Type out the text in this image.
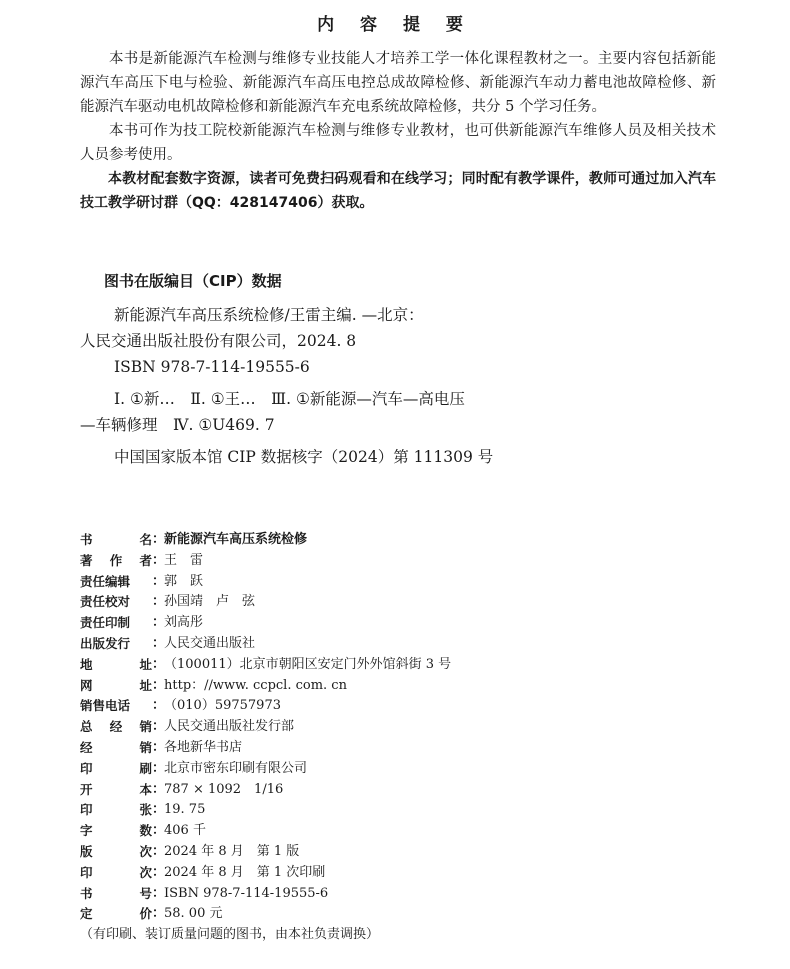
内 容 提 要

本书是新能源汽车检测与维修专业技能人才培养工学一体化课程教材之一。主要内容包括新能源汽车高压下电与检验、新能源汽车高压电控总成故障检修、新能源汽车动力蓄电池故障检修、新能源汽车驱动电机故障检修和新能源汽车充电系统故障检修，共分 5 个学习任务。

本书可作为技工院校新能源汽车检测与维修专业教材，也可供新能源汽车维修人员及相关技术人员参考使用。

本教材配套数字资源，读者可免费扫码观看和在线学习；同时配有教学课件，教师可通过加入汽车技工教学研讨群（QQ：428147406）获取。

图书在版编目（CIP）数据
新能源汽车高压系统检修/王雷主编. —北京：
人民交通出版社股份有限公司，2024. 8
ISBN 978-7-114-19555-6
Ⅰ. ①新…　Ⅱ. ①王…　Ⅲ. ①新能源—汽车—高电压
—车辆修理　Ⅳ. ①U469. 7
中国国家版本馆 CIP 数据核字（2024）第 111309 号
书	名 ：
新能源汽车高压系统检修
著 作 者 ：
王　雷
责任编辑	：
郭　跃
责任校对	：
孙国靖　卢　弦
责任印制	：
刘高彤
出版发行	：
人民交通出版社
地	址 ：
（100011）北京市朝阳区安定门外外馆斜街 3 号
网	址 ：
http：//www. ccpcl. com. cn
销售电话	：
（010）59757973
总 经 销 ：
人民交通出版社发行部
经	销 ：
各地新华书店
印	刷 ：
北京市密东印刷有限公司
开	本 ：
787 × 1092　1/16
印	张 ：
19. 75
字	数 ：
406 千
版	次 ：
2024 年 8 月　第 1 版
印	次 ：
2024 年 8 月　第 1 次印刷
书	号 ：
ISBN 978-7-114-19555-6
定	价 ：
58. 00 元
（有印刷、装订质量问题的图书，由本社负责调换）
